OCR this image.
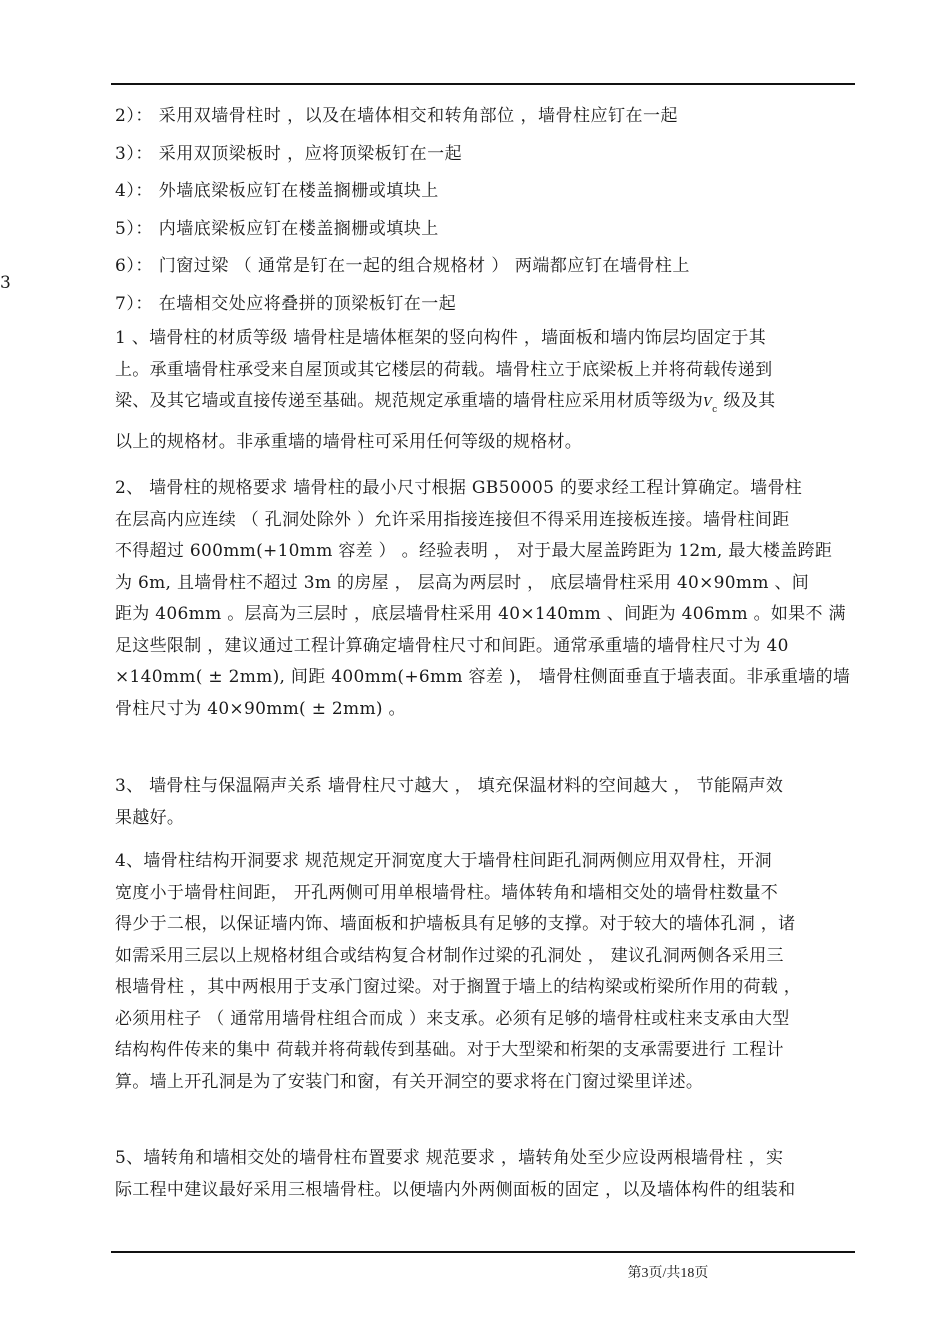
3
2）： 采用双墙骨柱时 ，以及在墙体相交和转角部位 ，墙骨柱应钉在一起
3）： 采用双顶梁板时 ，应将顶梁板钉在一起
4）： 外墙底梁板应钉在楼盖搁栅或填块上
5）： 内墙底梁板应钉在楼盖搁栅或填块上
6）： 门窗过梁 （ 通常是钉在一起的组合规格材 ） 两端都应钉在墙骨柱上
7）： 在墙相交处应将叠拼的顶梁板钉在一起
1 、墙骨柱的材质等级 墙骨柱是墙体框架的竖向构件 ，墙面板和墙内饰层均固定于其
上。承重墙骨柱承受来自屋顶或其它楼层的荷载。墙骨柱立于底梁板上并将荷载传递到
梁、及其它墙或直接传递至基础。规范规定承重墙的墙骨柱应采用材质等级为$V_c$ 级及其
以上的规格材。非承重墙的墙骨柱可采用任何等级的规格材。
2、 墙骨柱的规格要求 墙骨柱的最小尺寸根据 GB50005 的要求经工程计算确定。墙骨柱
在层高内应连续 （ 孔洞处除外 ）允许采用指接连接但不得采用连接板连接。墙骨柱间距
不得超过 600mm(+10mm 容差 ） 。经验表明 ， 对于最大屋盖跨距为 12m, 最大楼盖跨距
为 6m, 且墙骨柱不超过 3m 的房屋 ， 层高为两层时 ， 底层墙骨柱采用 40×90mm 、间
距为 406mm 。层高为三层时 ，底层墙骨柱采用 40×140mm 、间距为 406mm 。如果不 满
足这些限制 ，建议通过工程计算确定墙骨柱尺寸和间距。通常承重墙的墙骨柱尺寸为 40
×140mm( ± 2mm), 间距 400mm(+6mm 容差 )， 墙骨柱侧面垂直于墙表面。非承重墙的墙
骨柱尺寸为 40×90mm( ± 2mm) 。
3、 墙骨柱与保温隔声关系 墙骨柱尺寸越大 ， 填充保温材料的空间越大 ， 节能隔声效
果越好。
4、墙骨柱结构开洞要求 规范规定开洞宽度大于墙骨柱间距孔洞两侧应用双骨柱，开洞
宽度小于墙骨柱间距， 开孔两侧可用单根墙骨柱。墙体转角和墙相交处的墙骨柱数量不
得少于二根，以保证墙内饰、墙面板和护墙板具有足够的支撑。对于较大的墙体孔洞 ，诸
如需采用三层以上规格材组合或结构复合材制作过梁的孔洞处 ， 建议孔洞两侧各采用三
根墙骨柱 ，其中两根用于支承门窗过梁。对于搁置于墙上的结构梁或桁梁所作用的荷载 ，
必须用柱子 （ 通常用墙骨柱组合而成 ）来支承。必须有足够的墙骨柱或柱来支承由大型
结构构件传来的集中 荷载并将荷载传到基础。对于大型梁和桁架的支承需要进行 工程计
算。墙上开孔洞是为了安装门和窗，有关开洞空的要求将在门窗过梁里详述。
5、墙转角和墙相交处的墙骨柱布置要求 规范要求 ，墙转角处至少应设两根墙骨柱 ，实
际工程中建议最好采用三根墙骨柱。以便墙内外两侧面板的固定 ，以及墙体构件的组装和
第3页/共18页
